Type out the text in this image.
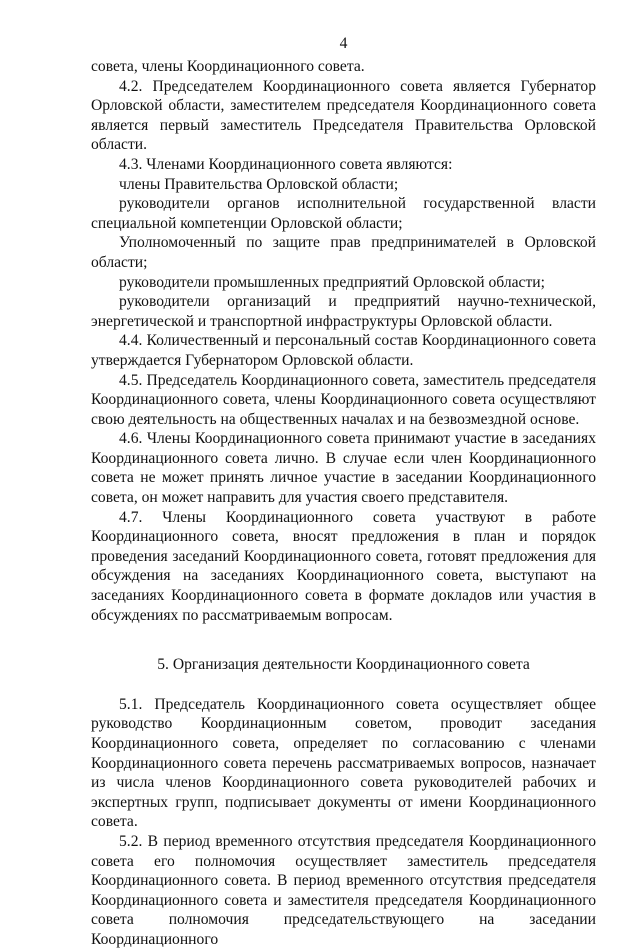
4

совета, члены Координационного совета.

4.2. Председателем Координационного совета является Губернатор Орловской области, заместителем председателя Координационного совета является первый заместитель Председателя Правительства Орловской области.

4.3. Членами Координационного совета являются:

члены Правительства Орловской области;

руководители органов исполнительной государственной власти специальной компетенции Орловской области;

Уполномоченный по защите прав предпринимателей в Орловской области;

руководители промышленных предприятий Орловской области;

руководители организаций и предприятий научно-технической, энергетической и транспортной инфраструктуры Орловской области.

4.4. Количественный и персональный состав Координационного совета утверждается Губернатором Орловской области.

4.5. Председатель Координационного совета, заместитель председателя Координационного совета, члены Координационного совета осуществляют свою деятельность на общественных началах и на безвозмездной основе.

4.6. Члены Координационного совета принимают участие в заседаниях Координационного совета лично. В случае если член Координационного совета не может принять личное участие в заседании Координационного совета, он может направить для участия своего представителя.

4.7. Члены Координационного совета участвуют в работе Координационного совета, вносят предложения в план и порядок проведения заседаний Координационного совета, готовят предложения для обсуждения на заседаниях Координационного совета, выступают на заседаниях Координационного совета в формате докладов или участия в обсуждениях по рассматриваемым вопросам.

5. Организация деятельности Координационного совета

5.1. Председатель Координационного совета осуществляет общее руководство Координационным советом, проводит заседания Координационного совета, определяет по согласованию с членами Координационного совета перечень рассматриваемых вопросов, назначает из числа членов Координационного совета руководителей рабочих и экспертных групп, подписывает документы от имени Координационного совета.

5.2. В период временного отсутствия председателя Координационного совета его полномочия осуществляет заместитель председателя Координационного совета. В период временного отсутствия председателя Координационного совета и заместителя председателя Координационного совета полномочия председательствующего на заседании Координационного
